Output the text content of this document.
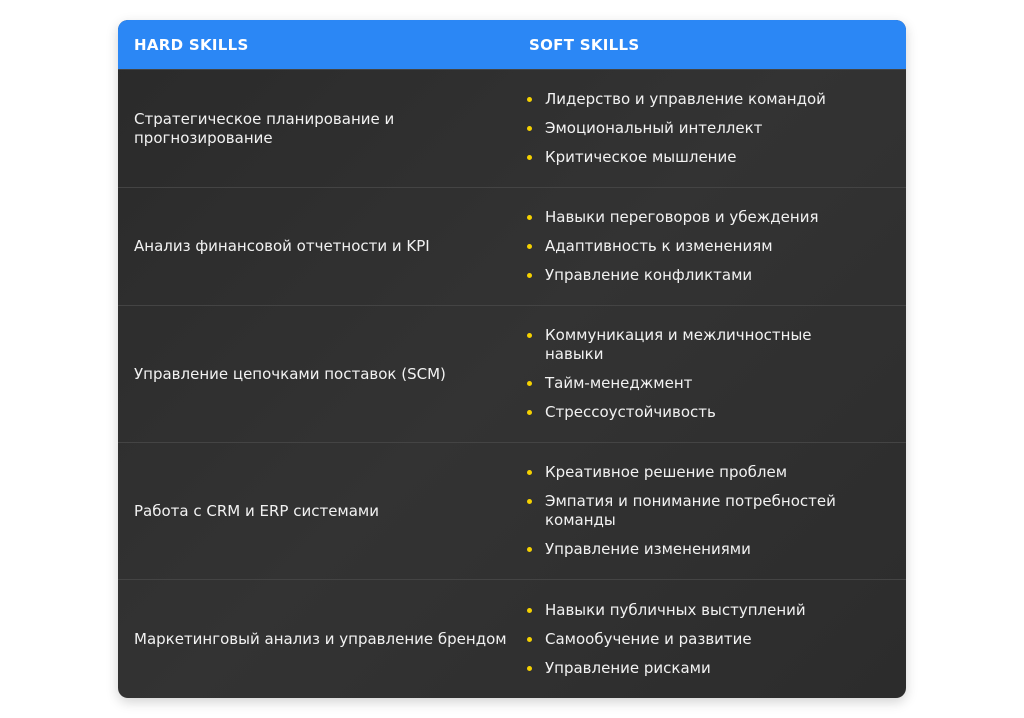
HARD SKILLS	SOFT SKILLS
Стратегическое планирование и прогнозирование
Лидерство и управление командой
Эмоциональный интеллект
Критическое мышление
Анализ финансовой отчетности и KPI
Навыки переговоров и убеждения
Адаптивность к изменениям
Управление конфликтами
Управление цепочками поставок (SCM)
Коммуникация и межличностные навыки
Тайм-менеджмент
Стрессоустойчивость
Работа с CRM и ERP системами
Креативное решение проблем
Эмпатия и понимание потребностей команды
Управление изменениями
Маркетинговый анализ и управление брендом
Навыки публичных выступлений
Самообучение и развитие
Управление рисками
